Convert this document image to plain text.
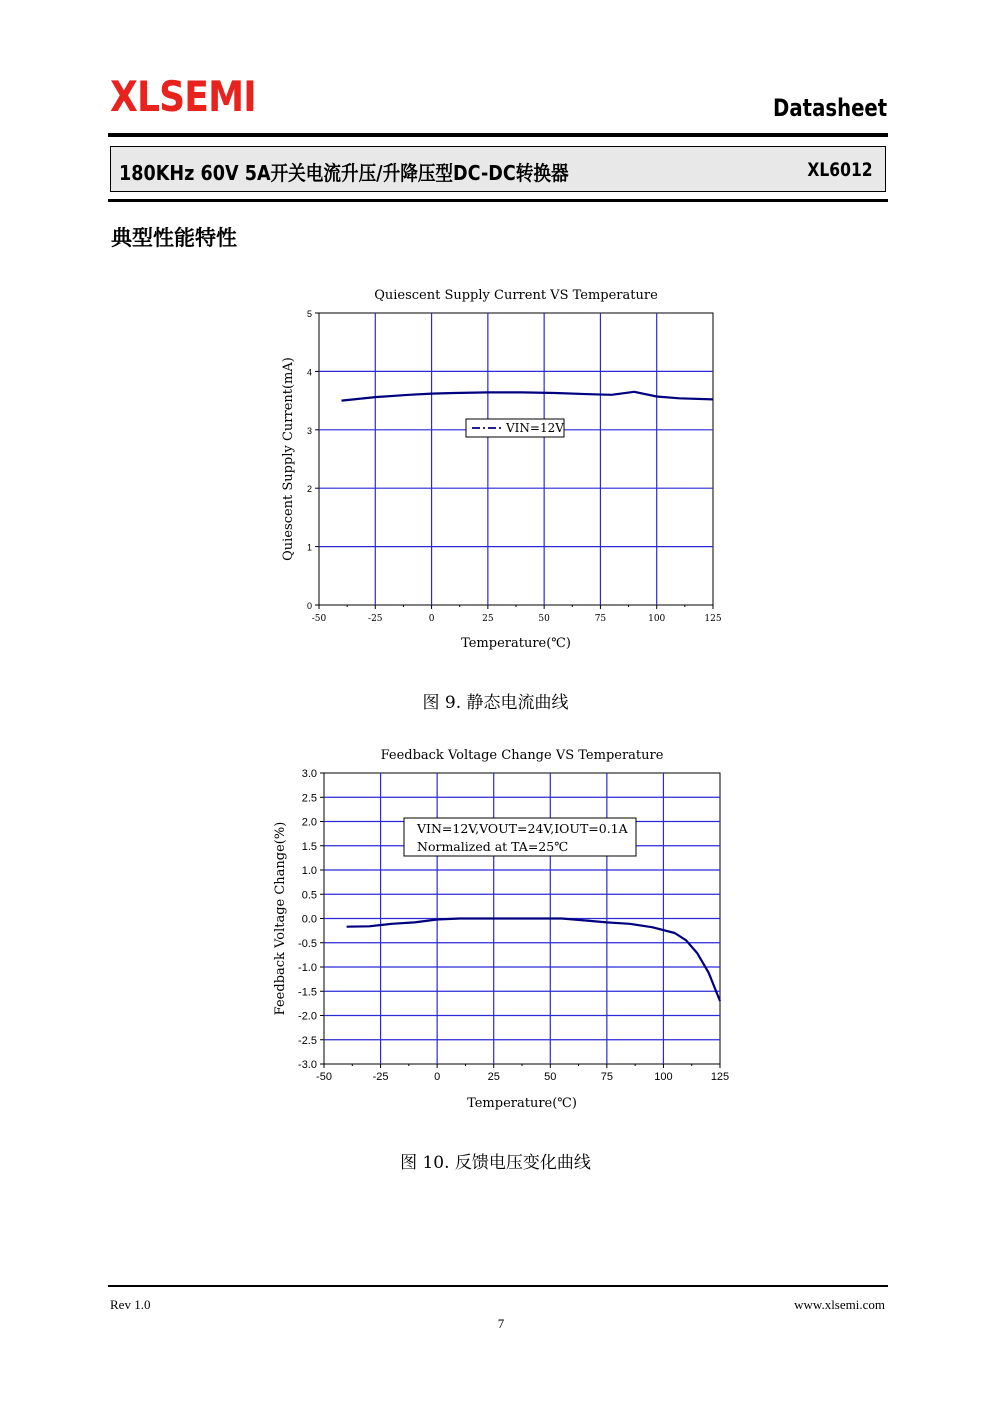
XLSEMI	Datasheet
180KHz 60V 5A开关电流升压/升降压型DC-DC转换器	XL6012
典型性能特性
-50	-25	0	25	50	75	100	125
0
1
2
3
4
5
Quiescent Supply Current VS Temperature
Temperature(℃)
Quiescent Supply Current(mA)	VIN=12V
-50	-25	0	25	50	75	100	125
-3.0
-2.5
-2.0
-1.5
-1.0
-0.5
0.0
0.5
1.0
1.5
2.0
2.5
3.0
Feedback Voltage Change VS Temperature
Temperature(℃)
Feedback Voltage Change(%)	VIN=12V,VOUT=24V,IOUT=0.1A
Normalized at TA=25℃
图 9. 静态电流曲线
图 10. 反馈电压变化曲线
Rev 1.0	www.xlsemi.com
7
